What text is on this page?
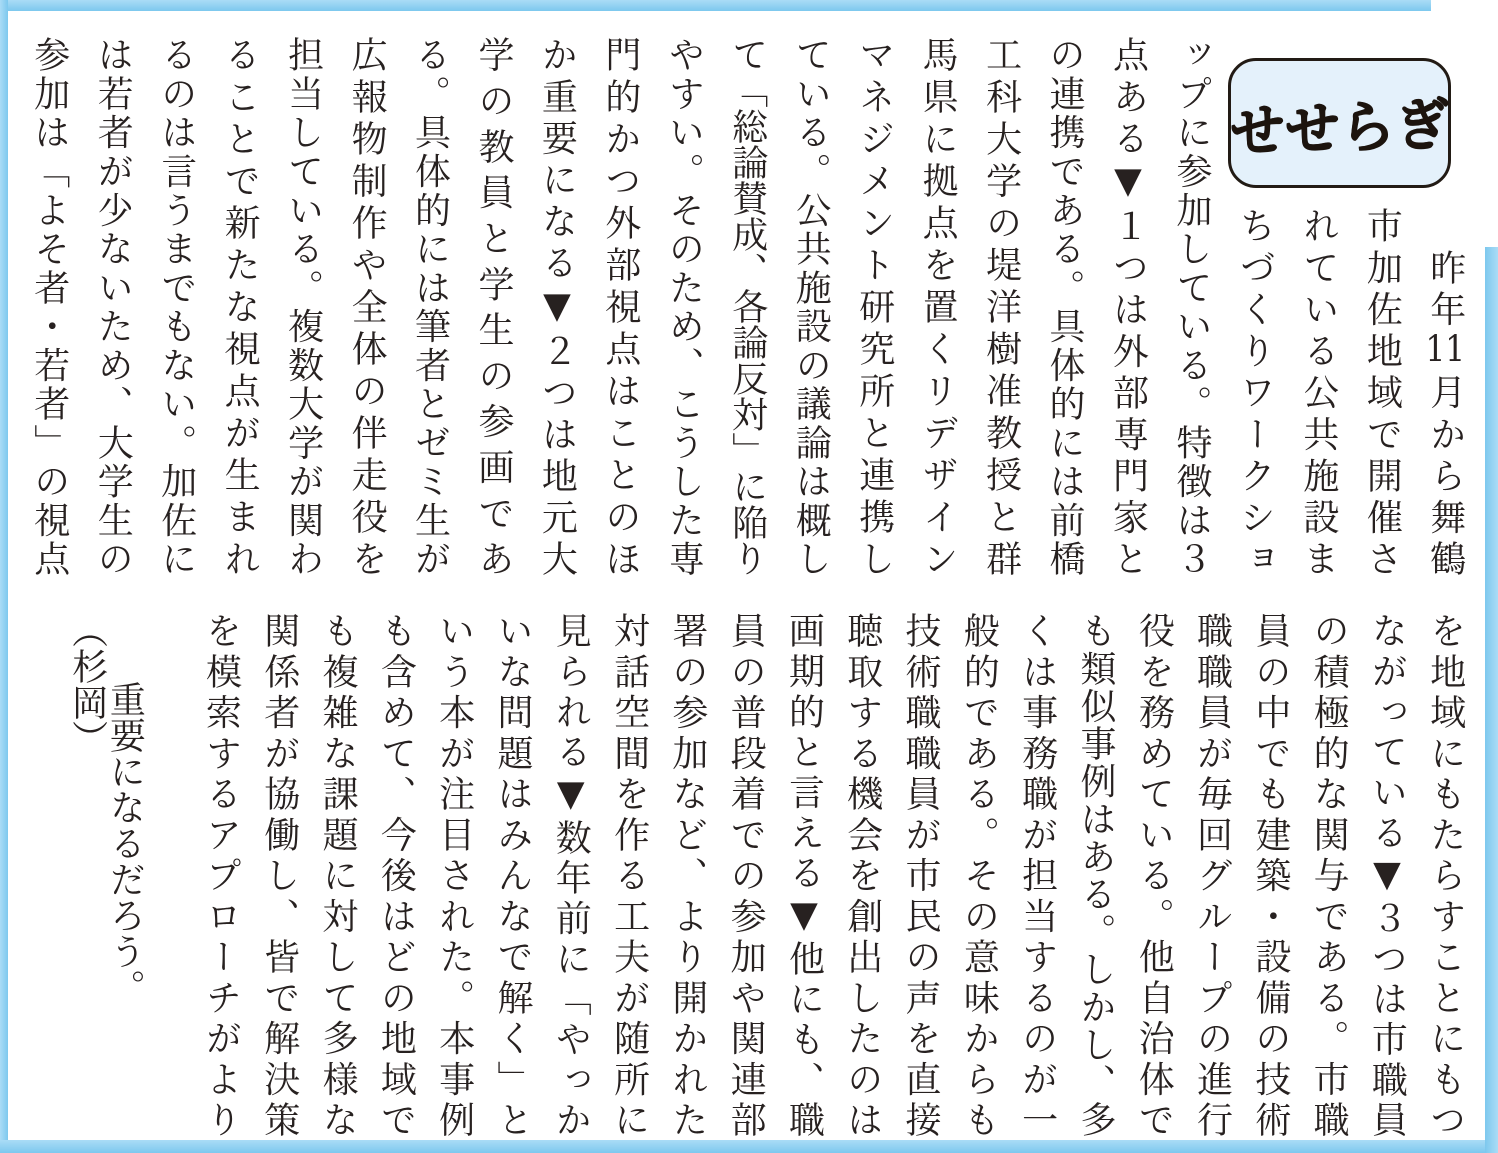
せせらぎ
　昨年11月から舞鶴
市加佐地域で開催さ
れている公共施設ま
ちづくりワークショ
ップに参加している。特徴は３
点ある▼１つは外部専門家と
の連携である。具体的には前橋
工科大学の堤洋樹准教授と群
馬県に拠点を置くリデザイン
マネジメント研究所と連携し
ている。公共施設の議論は概し
て「総論賛成、各論反対」に陥り
やすい。そのため、こうした専
門的かつ外部視点はことのほ
か重要になる▼２つは地元大
学の教員と学生の参画であ
る。具体的には筆者とゼミ生が
広報物制作や全体の伴走役を
担当している。複数大学が関わ
ることで新たな視点が生まれ
るのは言うまでもない。加佐に
は若者が少ないため、大学生の
参加は「よそ者・若者」の視点
を地域にもたらすことにもつ
ながっている▼３つは市職員
の積極的な関与である。市職
員の中でも建築・設備の技術
職職員が毎回グループの進行
役を務めている。他自治体で
も類似事例はある。しかし、多
くは事務職が担当するのが一
般的である。その意味からも
技術職職員が市民の声を直接
聴取する機会を創出したのは
画期的と言える▼他にも、職
員の普段着での参加や関連部
署の参加など、より開かれた
対話空間を作る工夫が随所に
見られる▼数年前に「やっか
いな問題はみんなで解く」と
いう本が注目された。本事例
も含めて、今後はどの地域で
も複雑な課題に対して多様な
関係者が協働し、皆で解決策
を模索するアプローチがより

重要になるだろう。

（杉岡）
